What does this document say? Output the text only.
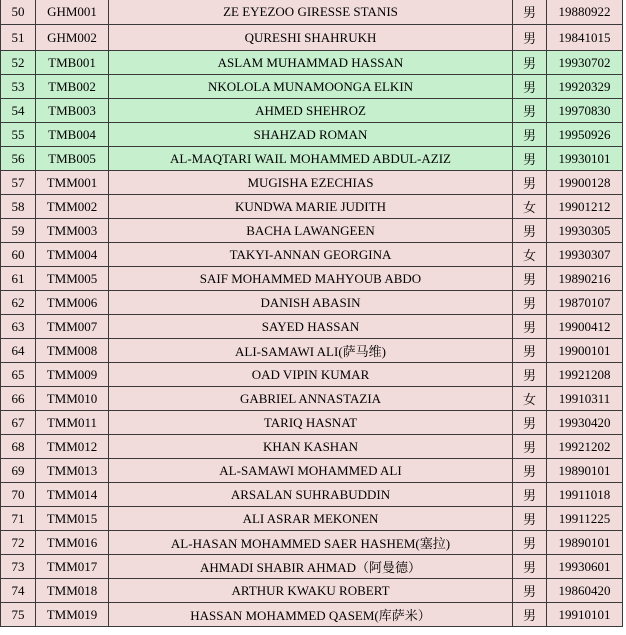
50	GHM001	ZE EYEZOO GIRESSE STANIS	男	19880922
51	GHM002	QURESHI SHAHRUKH	男	19841015
52	TMB001	ASLAM MUHAMMAD HASSAN	男	19930702
53	TMB002	NKOLOLA MUNAMOONGA ELKIN	男	19920329
54	TMB003	AHMED SHEHROZ	男	19970830
55	TMB004	SHAHZAD ROMAN	男	19950926
56	TMB005	AL-MAQTARI WAIL MOHAMMED ABDUL-AZIZ	男	19930101
57	TMM001	MUGISHA EZECHIAS	男	19900128
58	TMM002	KUNDWA MARIE JUDITH	女	19901212
59	TMM003	BACHA LAWANGEEN	男	19930305
60	TMM004	TAKYI-ANNAN GEORGINA	女	19930307
61	TMM005	SAIF MOHAMMED MAHYOUB ABDO	男	19890216
62	TMM006	DANISH ABASIN	男	19870107
63	TMM007	SAYED HASSAN	男	19900412
64	TMM008	ALI-SAMAWI ALI(萨马维)	男	19900101
65	TMM009	OAD VIPIN KUMAR	男	19921208
66	TMM010	GABRIEL ANNASTAZIA	女	19910311
67	TMM011	TARIQ HASNAT	男	19930420
68	TMM012	KHAN KASHAN	男	19921202
69	TMM013	AL-SAMAWI MOHAMMED ALI	男	19890101
70	TMM014	ARSALAN SUHRABUDDIN	男	19911018
71	TMM015	ALI ASRAR MEKONEN	男	19911225
72	TMM016	AL-HASAN MOHAMMED SAER HASHEM(塞拉)	男	19890101
73	TMM017	AHMADI SHABIR AHMAD（阿曼德）	男	19930601
74	TMM018	ARTHUR KWAKU ROBERT	男	19860420
75	TMM019	HASSAN MOHAMMED QASEM(库萨米）	男	19910101
